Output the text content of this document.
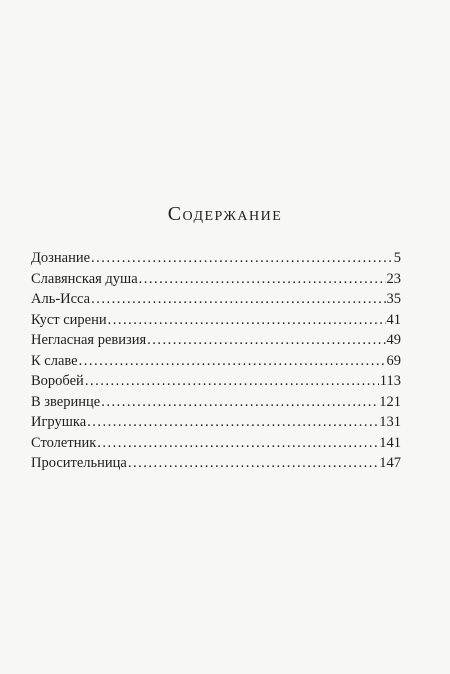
Содержание
Дознание .....	5
Славянская душа .....	23
Аль-Исса .....	35
Куст сирени .....	41
Негласная ревизия .....	49
К славе .....	69
Воробей .....	113
В зверинце .....	121
Игрушка .....	131
Столетник .....	141
Просительница .....	147
